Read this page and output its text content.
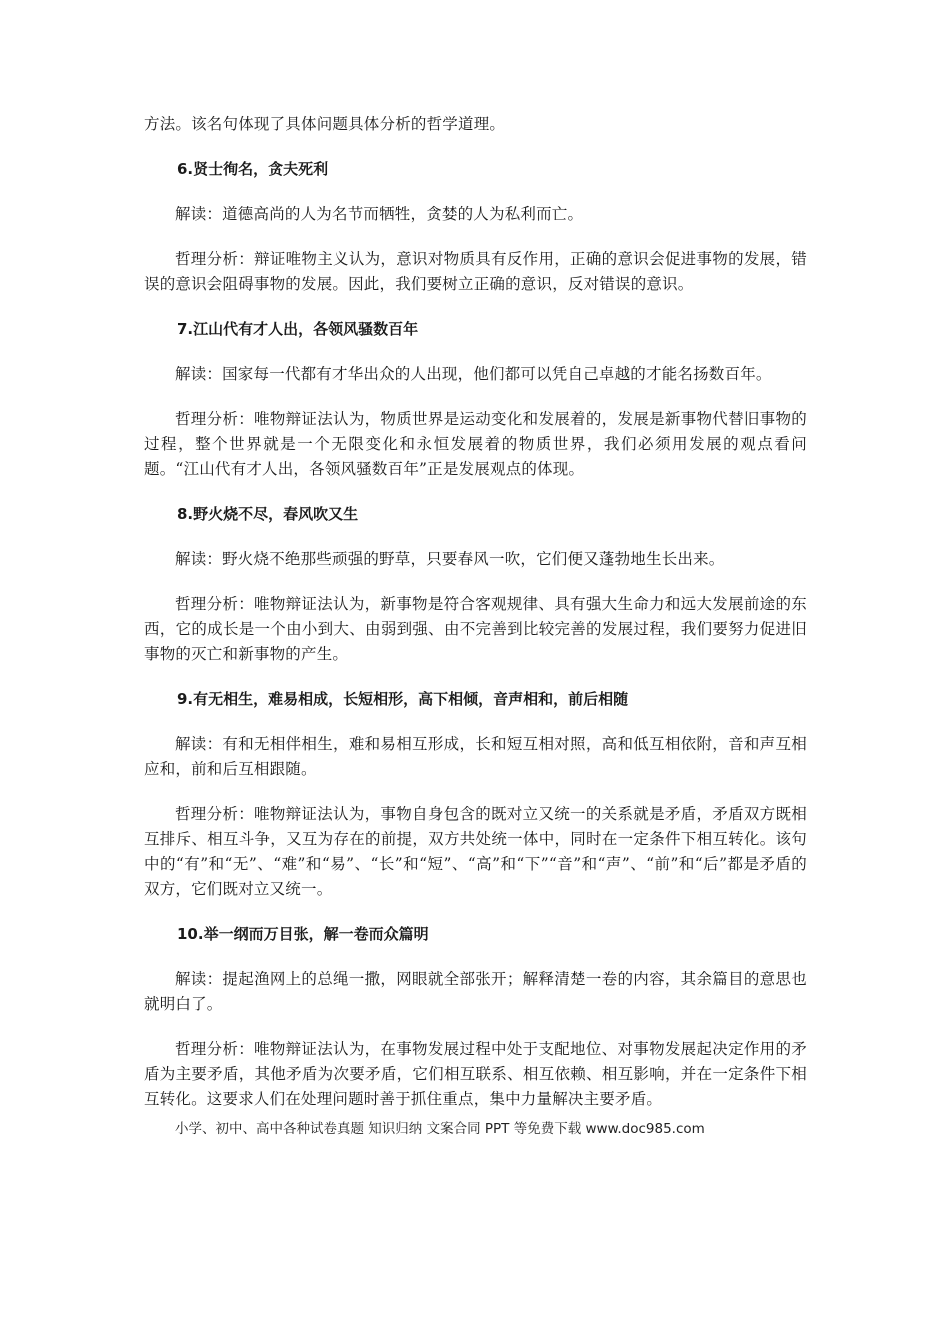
方法。该名句体现了具体问题具体分析的哲学道理。

6.贤士徇名，贪夫死利

解读：道德高尚的人为名节而牺牲，贪婪的人为私利而亡。

哲理分析：辩证唯物主义认为，意识对物质具有反作用，正确的意识会促进事物的发展，错误的意识会阻碍事物的发展。因此，我们要树立正确的意识，反对错误的意识。

7.江山代有才人出，各领风骚数百年

解读：国家每一代都有才华出众的人出现，他们都可以凭自己卓越的才能名扬数百年。

哲理分析：唯物辩证法认为，物质世界是运动变化和发展着的，发展是新事物代替旧事物的过程，整个世界就是一个无限变化和永恒发展着的物质世界，我们必须用发展的观点看问题。“江山代有才人出，各领风骚数百年”正是发展观点的体现。

8.野火烧不尽，春风吹又生

解读：野火烧不绝那些顽强的野草，只要春风一吹，它们便又蓬勃地生长出来。

哲理分析：唯物辩证法认为，新事物是符合客观规律、具有强大生命力和远大发展前途的东西，它的成长是一个由小到大、由弱到强、由不完善到比较完善的发展过程，我们要努力促进旧事物的灭亡和新事物的产生。

9.有无相生，难易相成，长短相形，高下相倾，音声相和，前后相随

解读：有和无相伴相生，难和易相互形成，长和短互相对照，高和低互相依附，音和声互相应和，前和后互相跟随。

哲理分析：唯物辩证法认为，事物自身包含的既对立又统一的关系就是矛盾，矛盾双方既相互排斥、相互斗争，又互为存在的前提，双方共处统一体中，同时在一定条件下相互转化。该句中的“有”和“无”、“难”和“易”、“长”和“短”、“高”和“下”“音”和“声”、“前”和“后”都是矛盾的双方，它们既对立又统一。

10.举一纲而万目张，解一卷而众篇明

解读：提起渔网上的总绳一撒，网眼就全部张开；解释清楚一卷的内容，其余篇目的意思也就明白了。

哲理分析：唯物辩证法认为，在事物发展过程中处于支配地位、对事物发展起决定作用的矛盾为主要矛盾，其他矛盾为次要矛盾，它们相互联系、相互依赖、相互影响，并在一定条件下相互转化。这要求人们在处理问题时善于抓住重点，集中力量解决主要矛盾。

小学、初中、高中各种试卷真题 知识归纳 文案合同 PPT 等免费下载 www.doc985.com
